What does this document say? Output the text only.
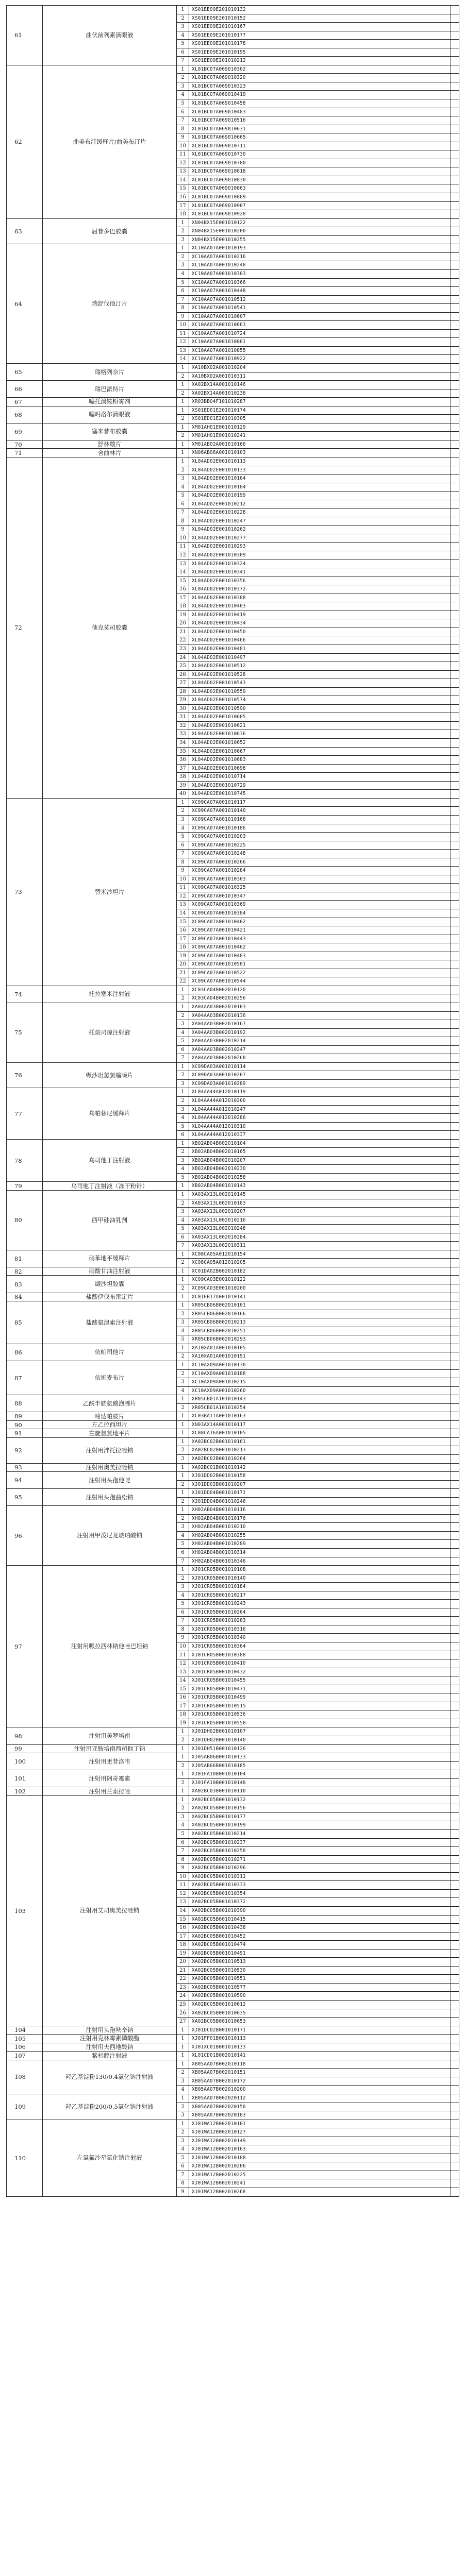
61	曲伏前列素滴眼液
1	XS01EE09E201010132
2	XS01EE09E201010152
3	XS01EE09E201010167
4	XS01EE09E201010177
5	XS01EE09E201010178
6	XS01EE09E201010195
7	XS01EE09E201010212
62	曲美布汀缓释片/曲美布汀片
1	XL01BC07A069010302
2	XL01BC07A069010320
3	XL01BC07A069010323
4	XL01BC07A069010419
5	XL01BC07A069010458
6	XL01BC07A069010483
7	XL01BC07A069010516
8	XL01BC07A069010631
9	XL01BC07A069010665
10	XL01BC07A069010711
11	XL01BC07A069010730
12	XL01BC07A069010780
13	XL01BC07A069010818
14	XL01BC07A069010830
15	XL01BC07A069010863
16	XL01BC07A069010889
17	XL01BC07A069010907
18	XL01BC07A069010928
63	屈昔多巴胶囊
1	XN04BX15E001010122
2	XN04BX15E001010200
3	XN04BX15E001010255
64	瑞舒伐他汀片
1	XC10AA07A001010193
2	XC10AA07A001010216
3	XC10AA07A001010248
4	XC10AA07A001010303
5	XC10AA07A001010366
6	XC10AA07A001010448
7	XC10AA07A001010512
8	XC10AA07A001010541
9	XC10AA07A001010607
10	XC10AA07A001010663
11	XC10AA07A001010724
12	XC10AA07A001010801
13	XC10AA07A001010855
14	XC10AA07A001010922
65	瑞格列奈片
1	XA10BX02A001010204
2	XA10BX02A001010311
66	瑞巴派特片
1	XA02BX14A001010146
2	XA02BX14A001010238
67	噻托溴铵粉雾剂	1	XR03BB04F101010287
68	噻吗洛尔滴眼液
1	XS01ED01E201010174
2	XS01ED01E201010305
69	塞来昔布胶囊
1	XM01AH01E001010129
2	XM01AH01E001010241
70	舒林酸片	1	XM01AB02A001010166
71	舍曲林片	1	XN06AB06A001010103
72	他克莫司胶囊
1	XL04AD02E001010113
2	XL04AD02E001010133
3	XL04AD02E001010164
4	XL04AD02E001010184
5	XL04AD02E001010199
6	XL04AD02E001010212
7	XL04AD02E001010228
8	XL04AD02E001010247
9	XL04AD02E001010262
10	XL04AD02E001010277
11	XL04AD02E001010293
12	XL04AD02E001010309
13	XL04AD02E001010324
14	XL04AD02E001010341
15	XL04AD02E001010356
16	XL04AD02E001010372
17	XL04AD02E001010388
18	XL04AD02E001010403
19	XL04AD02E001010419
20	XL04AD02E001010434
21	XL04AD02E001010450
22	XL04AD02E001010466
23	XL04AD02E001010481
24	XL04AD02E001010497
25	XL04AD02E001010512
26	XL04AD02E001010528
27	XL04AD02E001010543
28	XL04AD02E001010559
29	XL04AD02E001010574
30	XL04AD02E001010590
31	XL04AD02E001010605
32	XL04AD02E001010621
33	XL04AD02E001010636
34	XL04AD02E001010652
35	XL04AD02E001010667
36	XL04AD02E001010683
37	XL04AD02E001010698
38	XL04AD02E001010714
39	XL04AD02E001010729
40	XL04AD02E001010745
73	替米沙坦片
1	XC09CA07A001010117
2	XC09CA07A001010140
3	XC09CA07A001010168
4	XC09CA07A001010186
5	XC09CA07A001010203
6	XC09CA07A001010225
7	XC09CA07A001010248
8	XC09CA07A001010266
9	XC09CA07A001010284
10	XC09CA07A001010303
11	XC09CA07A001010325
12	XC09CA07A001010347
13	XC09CA07A001010369
14	XC09CA07A001010384
15	XC09CA07A001010402
16	XC09CA07A001010421
17	XC09CA07A001010443
18	XC09CA07A001010462
19	XC09CA07A001010483
20	XC09CA07A001010501
21	XC09CA07A001010522
22	XC09CA07A001010544
74	托拉塞米注射液
1	XC03CA04B002010120
2	XC03CA04B002010256
75	托烷司琼注射液
1	XA04AA03B002010103
2	XA04AA03B002010136
3	XA04AA03B002010167
4	XA04AA03B002010192
5	XA04AA03B002010214
6	XA04AA03B002010247
7	XA04AA03B002010268
76	缬沙坦氢氯噻嗪片
1	XC09DA03A001010114
2	XC09DA03A001010207
3	XC09DA03A001010289
77	乌帕替尼缓释片
1	XL04AA44A012010119
2	XL04AA44A012010200
3	XL04AA44A012010247
4	XL04AA44A012010286
5	XL04AA44A012010310
6	XL04AA44A012010337
78	乌司他丁注射液
1	XB02AB04B002010104
2	XB02AB04B002010165
3	XB02AB04B002010207
4	XB02AB04B002010230
5	XB02AB04B002010258
79	乌司他丁注射液（冻干粉针）	1	XB02AB04B001010143
80	西甲硅油乳剂
1	XA03AX13L002010145
2	XA03AX13L002010183
3	XA03AX13L002010207
4	XA03AX13L002010216
5	XA03AX13L002010248
6	XA03AX13L002010284
7	XA03AX13L002010311
81	硝苯地平缓释片
1	XC08CA05A012010154
2	XC08CA05A012010205
82	硝酸甘油注射液	1	XC01DA02B002010182
83	缬沙坦胶囊
1	XC09CA03E001010122
2	XC09CA03E001010200
84	盐酸伊伐布雷定片	1	XC01EB17A001010141
85	盐酸氨溴索注射液
1	XR05CB06B002010101
2	XR05CB06B002010166
3	XR05CB06B002010213
4	XR05CB06B002010251
5	XR05CB06B002010293
86	依帕司他片
1	XA10XA01A001010105
2	XA10XA01A001010191
87	依折麦布片
1	XC10AX09A001010130
2	XC10AX09A001010188
3	XC10AX09A001010215
4	XC10AX09A001010260
88	乙酰半胱氨酸泡腾片
1	XR05CB01A101010143
2	XR05CB01A101010254
89	吲达帕胺片	1	XC03BA11A001010163
90	左乙拉西坦片	1	XN03AX14A001010117
91	左旋氨氯地平片	1	XC08CA16A001010105
92	注射用泮托拉唑钠
1	XA02BC02B001010161
2	XA02BC02B001010213
3	XA02BC02B001010264
93	注射用奥美拉唑钠	1	XA02BC01B001010142
94	注射用头孢他啶
1	XJ01DD02B001010158
2	XJ01DD02B001010207
95	注射用头孢曲松钠
1	XJ01DD04B001010171
2	XJ01DD04B001010246
96	注射用甲泼尼龙琥珀酸钠
1	XH02AB04B001010116
2	XH02AB04B001010176
3	XH02AB04B001010210
4	XH02AB04B001010255
5	XH02AB04B001010289
6	XH02AB04B001010314
7	XH02AB04B001010346
97	注射用哌拉西林钠他唑巴坦钠
1	XJ01CR05B001010108
2	XJ01CR05B001010140
3	XJ01CR05B001010184
4	XJ01CR05B001010217
5	XJ01CR05B001010243
6	XJ01CR05B001010264
7	XJ01CR05B001010283
8	XJ01CR05B001010316
9	XJ01CR05B001010340
10	XJ01CR05B001010364
11	XJ01CR05B001010388
12	XJ01CR05B001010410
13	XJ01CR05B001010432
14	XJ01CR05B001010455
15	XJ01CR05B001010471
16	XJ01CR05B001010499
17	XJ01CR05B001010515
18	XJ01CR05B001010536
19	XJ01CR05B001010558
98	注射用美罗培南
1	XJ01DH02B001010107
2	XJ01DH02B001010140
99	注射用亚胺培南西司他丁钠	1	XJ01DH51B001010126
100	注射用更昔洛韦
1	XJ05AB06B001010133
2	XJ05AB06B001010185
101	注射用阿奇霉素
1	XJ01FA10B001010104
2	XJ01FA10B001010148
102	注射用兰索拉唑	1	XA02BC03B001010110
103	注射用艾司奥美拉唑钠
1	XA02BC05B001010132
2	XA02BC05B001010156
3	XA02BC05B001010177
4	XA02BC05B001010199
5	XA02BC05B001010214
6	XA02BC05B001010237
7	XA02BC05B001010258
8	XA02BC05B001010271
9	XA02BC05B001010296
10	XA02BC05B001010311
11	XA02BC05B001010333
12	XA02BC05B001010354
13	XA02BC05B001010372
14	XA02BC05B001010390
15	XA02BC05B001010415
16	XA02BC05B001010438
17	XA02BC05B001010452
18	XA02BC05B001010474
19	XA02BC05B001010491
20	XA02BC05B001010513
21	XA02BC05B001010530
22	XA02BC05B001010551
23	XA02BC05B001010577
24	XA02BC05B001010590
25	XA02BC05B001010612
26	XA02BC05B001010635
27	XA02BC05B001010653
104	注射用头孢呋辛钠	1	XJ01DC02B001010171
105	注射用克林霉素磷酸酯	1	XJ01FF01B001010113
106	注射用夫西地酸钠	1	XJ01XC01B001010133
107	紫杉醇注射液	1	XL01CD01B002010141
108	羟乙基淀粉130/0.4氯化钠注射液
1	XB05AA07B002010118
2	XB05AA07B002010151
3	XB05AA07B002010172
4	XB05AA07B002010200
109	羟乙基淀粉200/0.5氯化钠注射液
1	XB05AA07B002020112
2	XB05AA07B002020150
3	XB05AA07B002020183
110	左氧氟沙星氯化钠注射液
1	XJ01MA12B002010101
2	XJ01MA12B002010127
3	XJ01MA12B002010149
4	XJ01MA12B002010163
5	XJ01MA12B002010188
6	XJ01MA12B002010206
7	XJ01MA12B002010225
8	XJ01MA12B002010241
9	XJ01MA12B002010268
